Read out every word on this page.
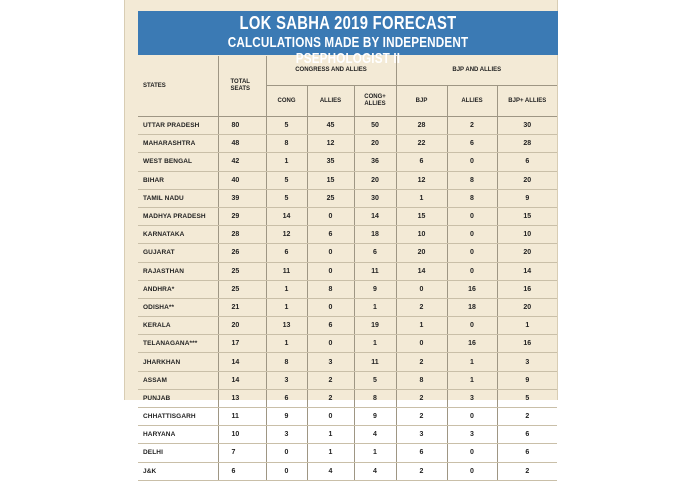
LOK SABHA 2019 FORECAST
CALCULATIONS MADE BY INDEPENDENT PSEPHOLOGIST II
STATES	TOTAL SEATS	CONGRESS AND ALLIES			BJP AND ALLIES		
		CONG	ALLIES	CONG+ ALLIES	BJP	ALLIES	BJP+ ALLIES
UTTAR PRADESH	80	5	45	50	28	2	30
MAHARASHTRA	48	8	12	20	22	6	28
WEST BENGAL	42	1	35	36	6	0	6
BIHAR	40	5	15	20	12	8	20
TAMIL NADU	39	5	25	30	1	8	9
MADHYA PRADESH	29	14	0	14	15	0	15
KARNATAKA	28	12	6	18	10	0	10
GUJARAT	26	6	0	6	20	0	20
RAJASTHAN	25	11	0	11	14	0	14
ANDHRA*	25	1	8	9	0	16	16
ODISHA**	21	1	0	1	2	18	20
KERALA	20	13	6	19	1	0	1
TELANAGANA***	17	1	0	1	0	16	16
JHARKHAN	14	8	3	11	2	1	3
ASSAM	14	3	2	5	8	1	9
PUNJAB	13	6	2	8	2	3	5
CHHATTISGARH	11	9	0	9	2	0	2
HARYANA	10	3	1	4	3	3	6
DELHI	7	0	1	1	6	0	6
J&K	6	0	4	4	2	0	2
